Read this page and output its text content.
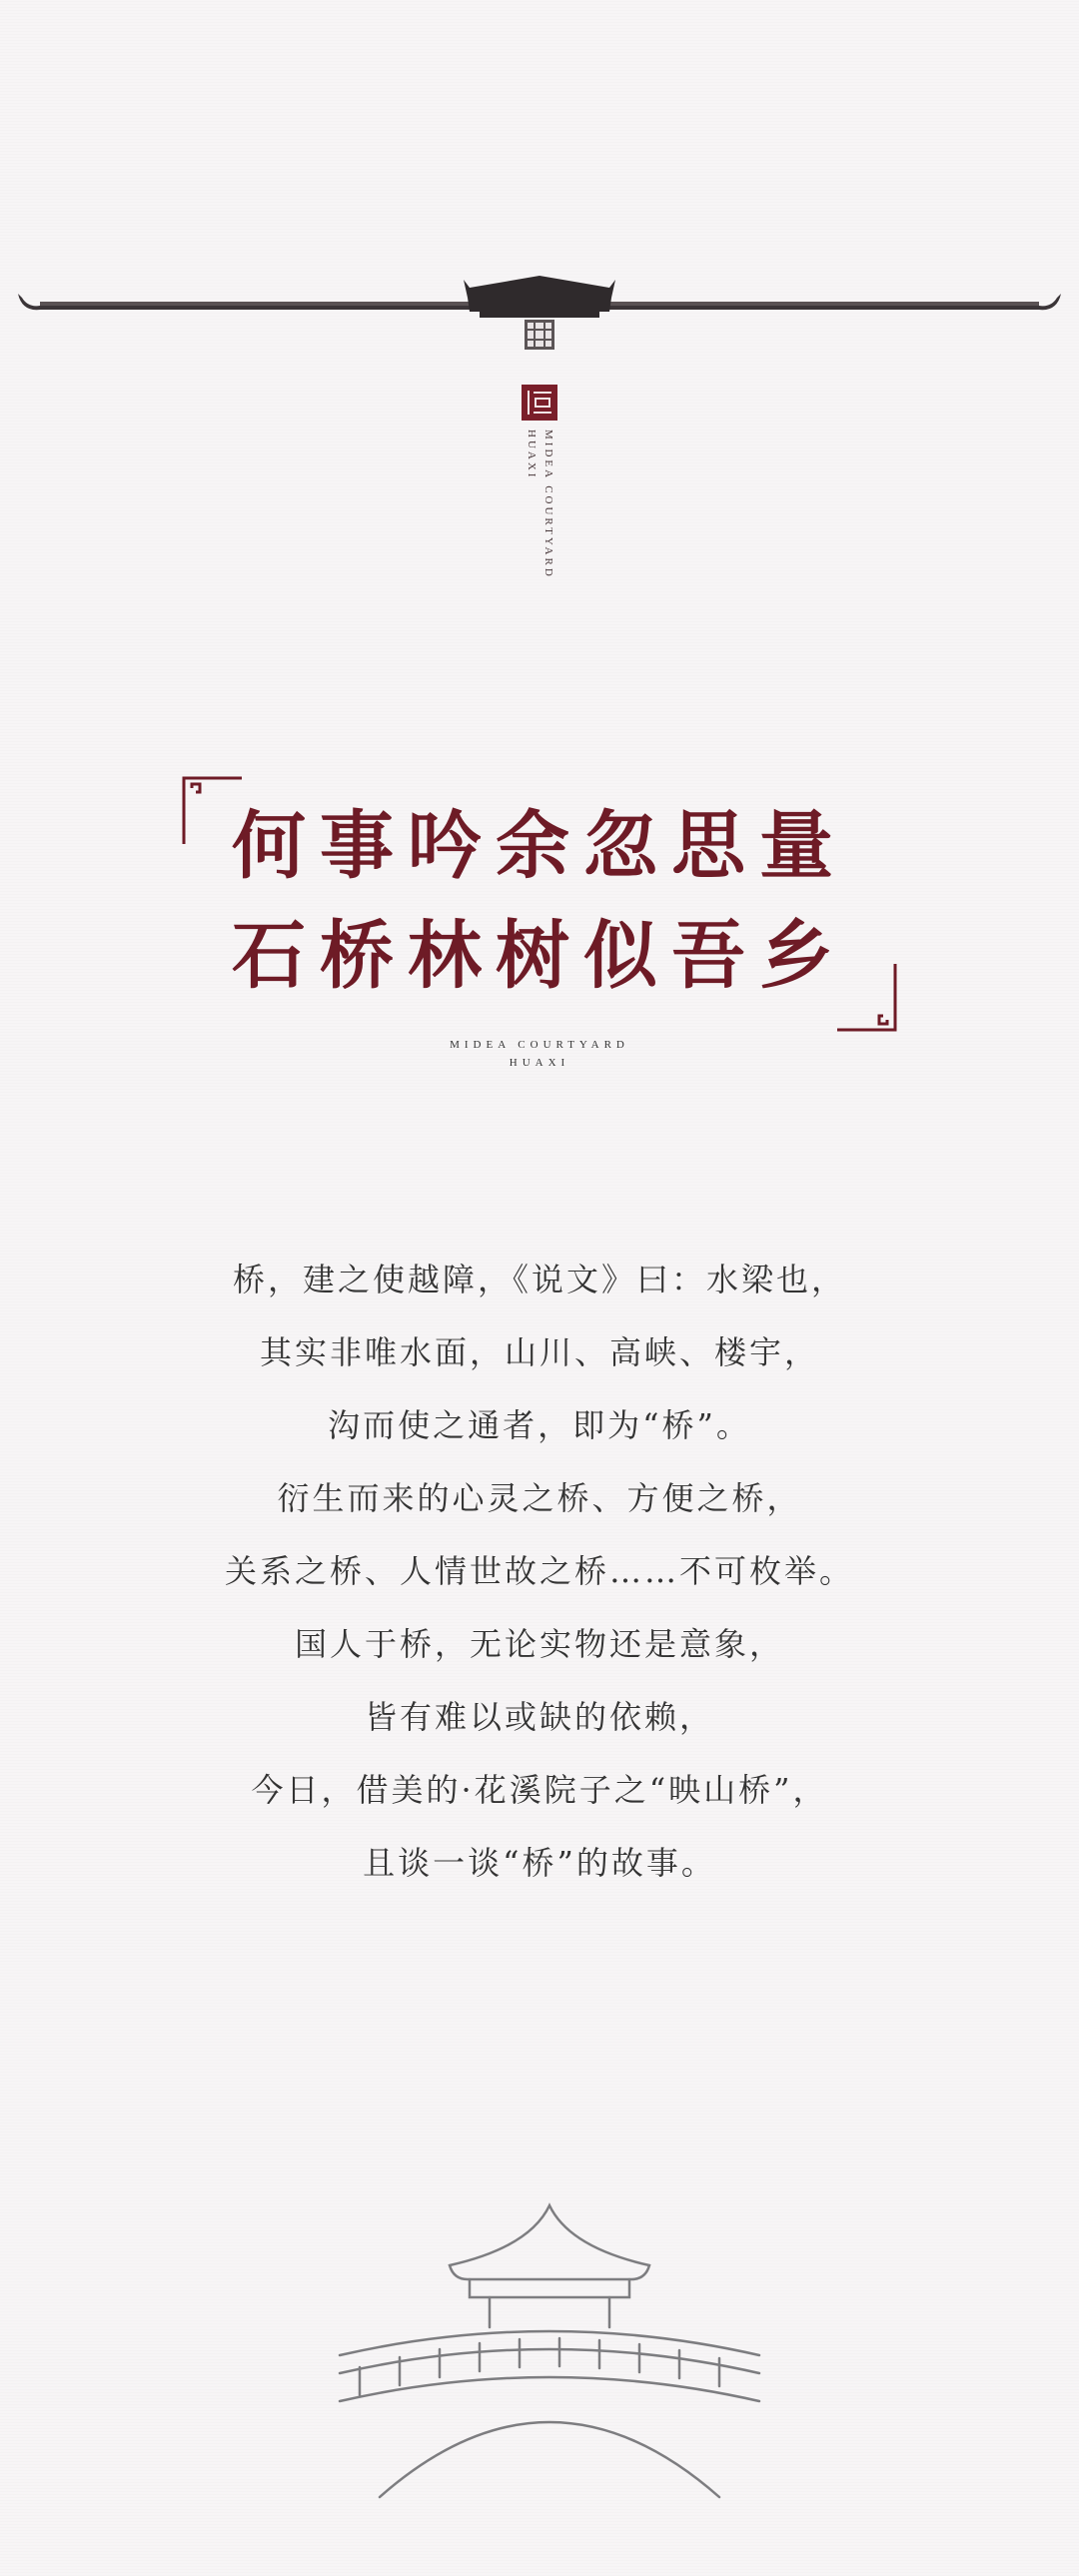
MIDEA COURTYARD
HUAXI
何事吟余忽思量
石桥林树似吾乡
MIDEA COURTYARD
HUAXI
桥，建之使越障，《说文》曰：水梁也，
其实非唯水面，山川、高峡、楼宇，
沟而使之通者，即为“桥”。
衍生而来的心灵之桥、方便之桥，
关系之桥、人情世故之桥……不可枚举。
国人于桥，无论实物还是意象，
皆有难以或缺的依赖，
今日，借美的·花溪院子之“映山桥”，
且谈一谈“桥”的故事。
